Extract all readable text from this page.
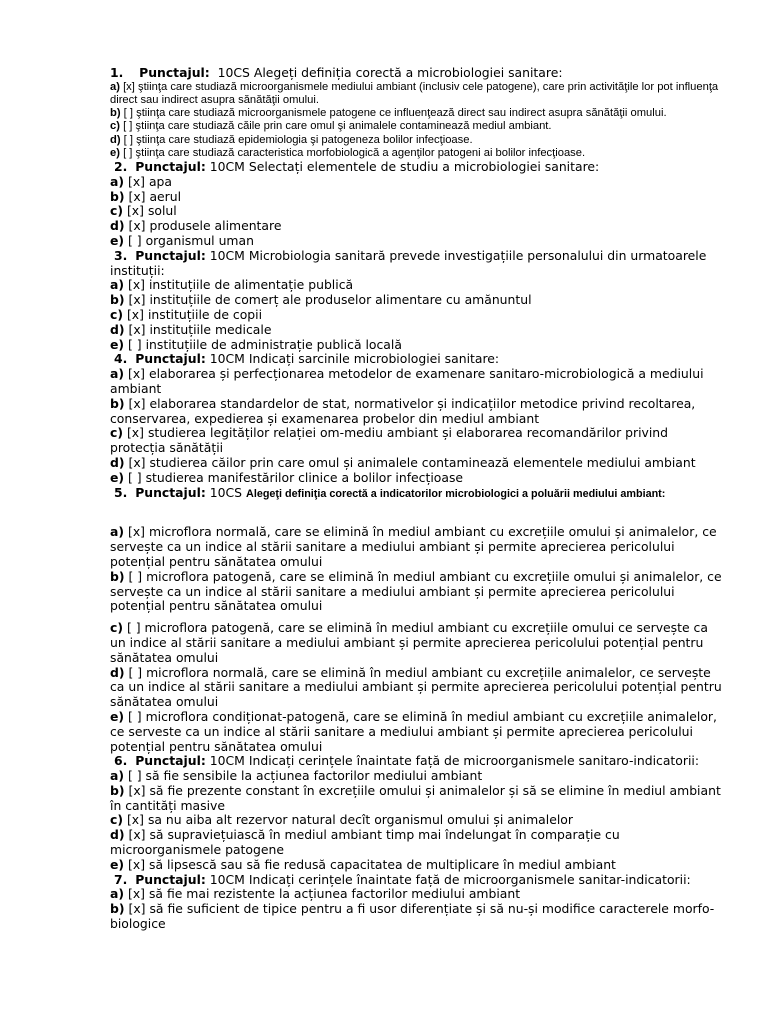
1. Punctajul: 10CS Alegeți definiția corectă a microbiologiei sanitare:
a) [x] ştiinţa care studiază microorganismele mediului ambiant (inclusiv cele patogene), care prin activităţile lor pot influenţa direct sau indirect asupra sănătăţii omului.
b) [ ] ştiinţa care studiază microorganismele patogene ce influenţează direct sau indirect asupra sănătăţii omului.
c) [ ] ştiinţa care studiază căile prin care omul şi animalele contaminează mediul ambiant.
d) [ ] ştiinţa care studiază epidemiologia şi patogeneza bolilor infecţioase.
e) [ ] ştiinţa care studiază caracteristica morfobiologică a agenţilor patogeni ai bolilor infecţioase.
2. Punctajul: 10CM Selectați elementele de studiu a microbiologiei sanitare:
a) [x] apa
b) [x] aerul
c) [x] solul
d) [x] produsele alimentare
e) [ ] organismul uman
3. Punctajul: 10CM Microbiologia sanitară prevede investigațiile personalului din urmatoarele instituții:
a) [x] instituțiile de alimentație publică
b) [x] instituțiile de comerț ale produselor alimentare cu amănuntul
c) [x] instituțiile de copii
d) [x] instituțiile medicale
e) [ ] instituțiile de administrație publică locală
4. Punctajul: 10CM Indicați sarcinile microbiologiei sanitare:
a) [x] elaborarea și perfecționarea metodelor de examenare sanitaro-microbiologică a mediului ambiant
b) [x] elaborarea standardelor de stat, normativelor și indicațiilor metodice privind recoltarea, conservarea, expedierea și examenarea probelor din mediul ambiant
c) [x] studierea legităților relației om-mediu ambiant și elaborarea recomandărilor privind protecția sănătății
d) [x] studierea căilor prin care omul și animalele contaminează elementele mediului ambiant
e) [ ] studierea manifestărilor clinice a bolilor infecțioase
5. Punctajul: 10CS Alegeţi definiţia corectă a indicatorilor microbiologici a poluării mediului ambiant:
a) [x] microflora normală, care se elimină în mediul ambiant cu excrețiile omului și animalelor, ce servește ca un indice al stării sanitare a mediului ambiant și permite aprecierea pericolului potențial pentru sănătatea omului
b) [ ] microflora patogenă, care se elimină în mediul ambiant cu excrețiile omului și animalelor, ce servește ca un indice al stării sanitare a mediului ambiant și permite aprecierea pericolului potențial pentru sănătatea omului
c) [ ] microflora patogenă, care se elimină în mediul ambiant cu excrețiile omului ce servește ca un indice al stării sanitare a mediului ambiant și permite aprecierea pericolului potențial pentru sănătatea omului
d) [ ] microflora normală, care se elimină în mediul ambiant cu excrețiile animalelor, ce servește ca un indice al stării sanitare a mediului ambiant și permite aprecierea pericolului potențial pentru sănătatea omului
e) [ ] microflora condiționat-patogenă, care se elimină în mediul ambiant cu excrețiile animalelor, ce serveste ca un indice al stării sanitare a mediului ambiant și permite aprecierea pericolului potențial pentru sănătatea omului
6. Punctajul: 10CM Indicați cerințele înaintate față de microorganismele sanitaro-indicatorii:
a) [ ] să fie sensibile la acțiunea factorilor mediului ambiant
b) [x] să fie prezente constant în excrețiile omului și animalelor și să se elimine în mediul ambiant în cantități masive
c) [x] sa nu aiba alt rezervor natural decît organismul omului și animalelor
d) [x] să supraviețuiască în mediul ambiant timp mai îndelungat în comparație cu microorganismele patogene
e) [x] să lipsescă sau să fie redusă capacitatea de multiplicare în mediul ambiant
7. Punctajul: 10CM Indicați cerințele înaintate față de microorganismele sanitar-indicatorii:
a) [x] să fie mai rezistente la acțiunea factorilor mediului ambiant
b) [x] să fie suficient de tipice pentru a fi usor diferențiate și să nu-și modifice caracterele morfo-biologice
